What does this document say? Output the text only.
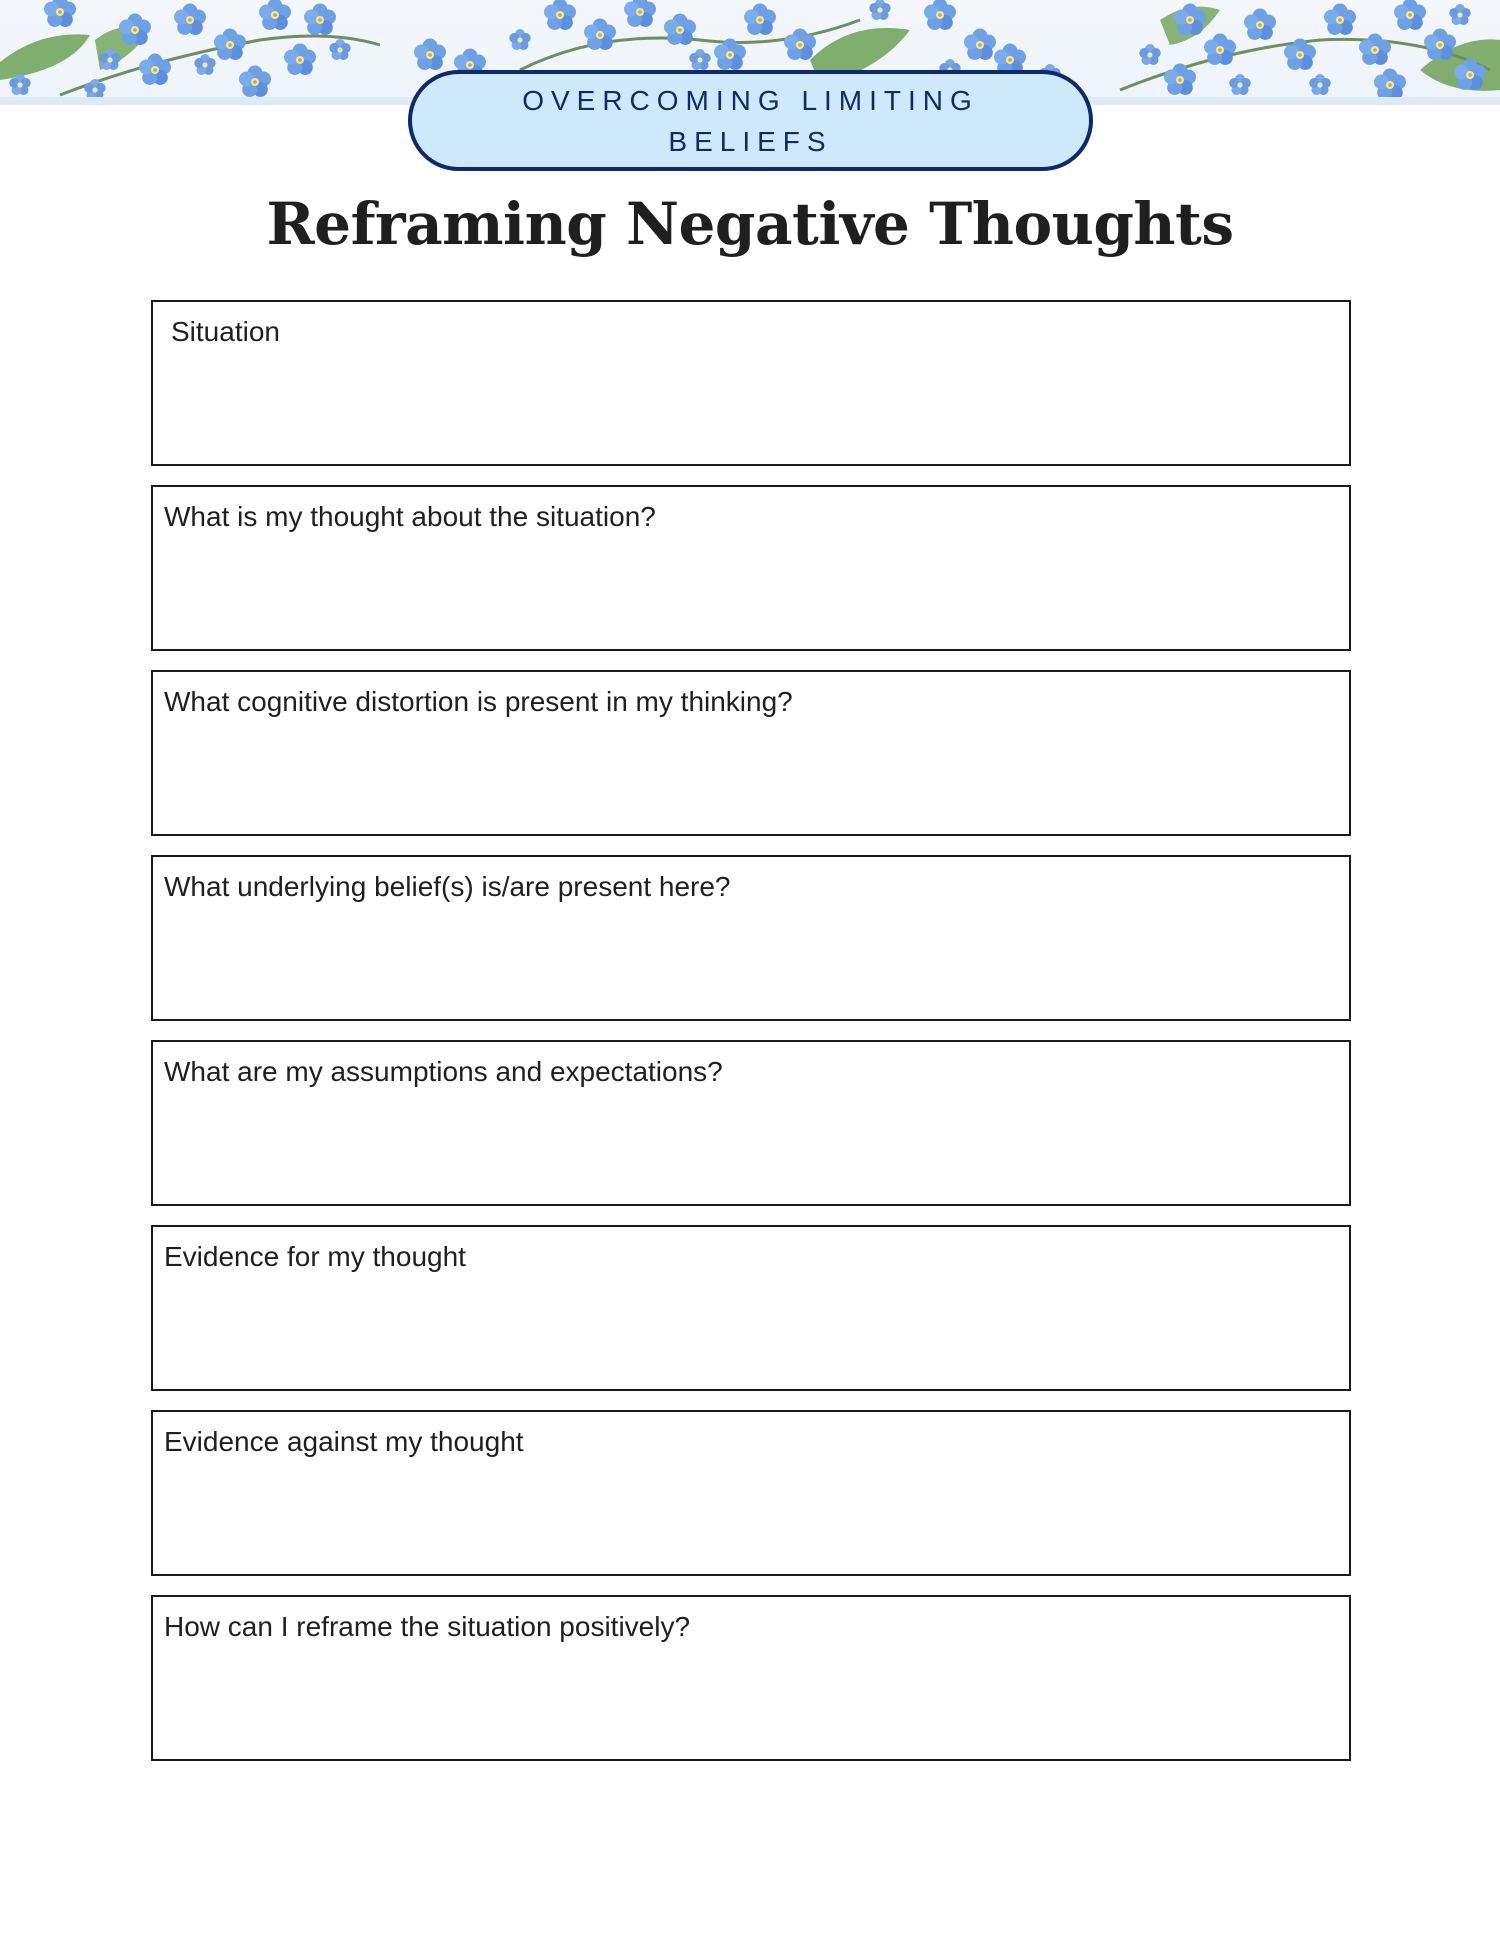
OVERCOMING LIMITING BELIEFS
Reframing Negative Thoughts
Situation
What is my thought about the situation?
What cognitive distortion is present in my thinking?
What underlying belief(s) is/are present here?
What are my assumptions and expectations?
Evidence for my thought
Evidence against my thought
How can I reframe the situation positively?
